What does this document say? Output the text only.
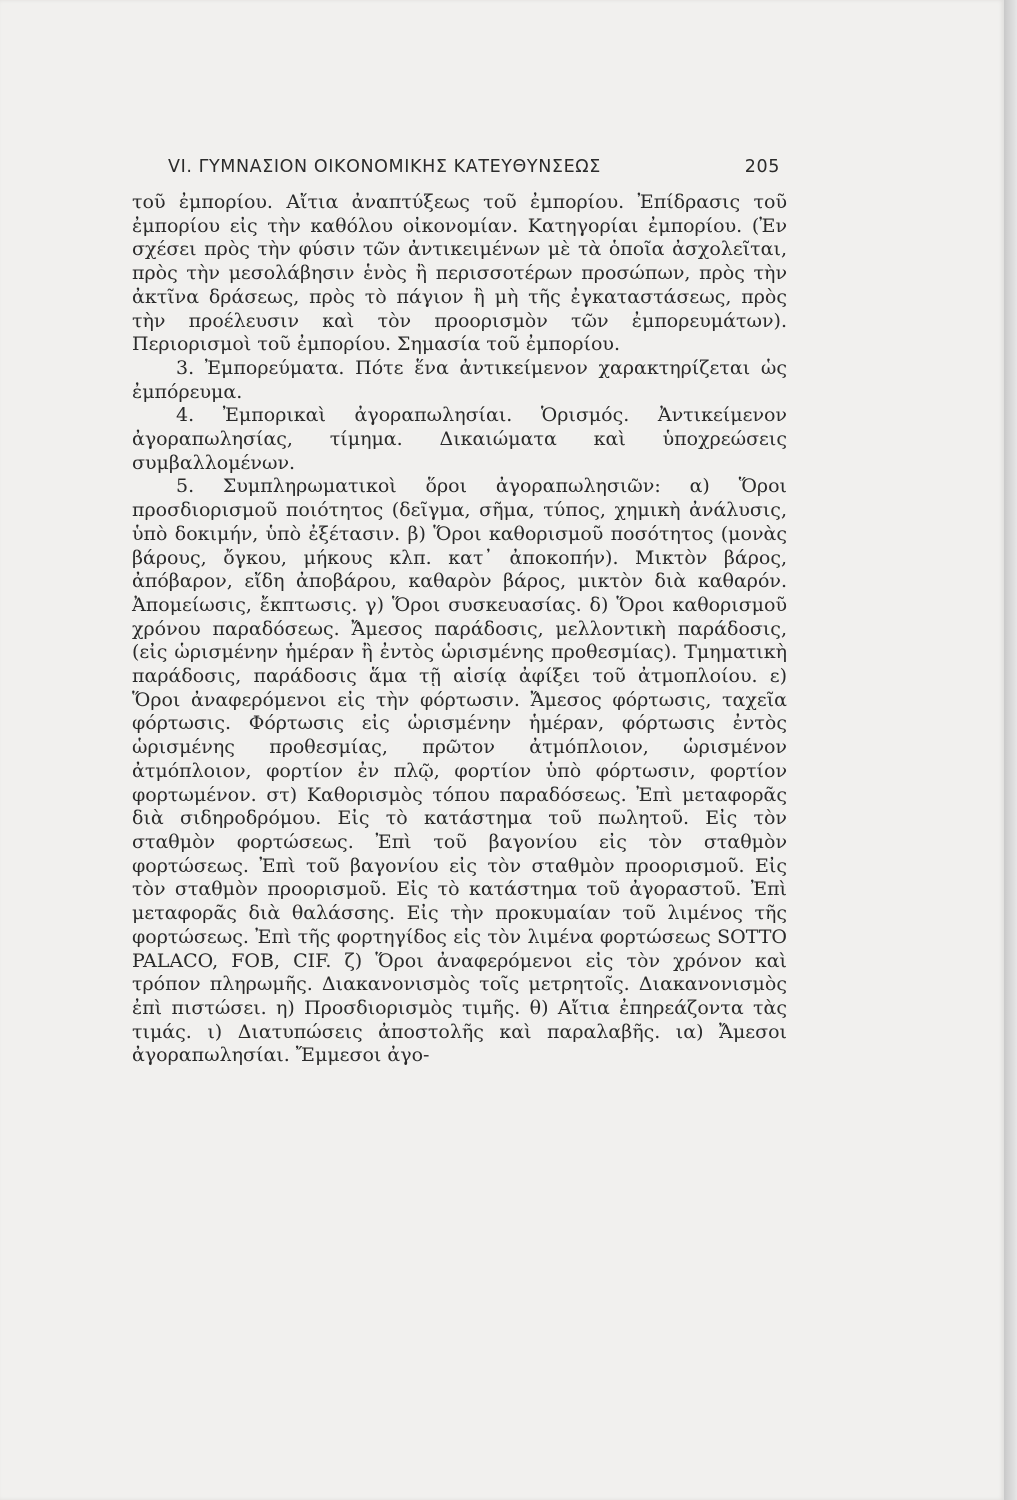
VI. ΓΥΜΝΑΣΙΟΝ ΟΙΚΟΝΟΜΙΚΗΣ ΚΑΤΕΥΘΥΝΣΕΩΣ	205

τοῦ ἐμπορίου. Αἴτια ἀναπτύξεως τοῦ ἐμπορίου. Ἐπίδρασις τοῦ ἐμπορίου εἰς τὴν καθόλου οἰκονομίαν. Κατηγορίαι ἐμπορίου. (Ἐν σχέσει πρὸς τὴν φύσιν τῶν ἀντικειμένων μὲ τὰ ὁποῖα ἀσχολεῖται, πρὸς τὴν μεσολάβησιν ἑνὸς ἢ περισσοτέρων προσώπων, πρὸς τὴν ἀκτῖνα δράσεως, πρὸς τὸ πάγιον ἢ μὴ τῆς ἐγκαταστάσεως, πρὸς τὴν προέλευσιν καὶ τὸν προορισμὸν τῶν ἐμπορευμάτων). Περιορισμοὶ τοῦ ἐμπορίου. Σημασία τοῦ ἐμπορίου.

3. Ἐμπορεύματα. Πότε ἕνα ἀντικείμενον χαρακτηρίζεται ὡς ἐμπόρευμα.

4. Ἐμπορικαὶ ἀγοραπωλησίαι. Ὁρισμός. Ἀντικείμενον ἀγοραπωλησίας, τίμημα. Δικαιώματα καὶ ὑποχρεώσεις συμβαλλομένων.

5. Συμπληρωματικοὶ ὅροι ἀγοραπωλησιῶν: α) Ὅροι προσδιορισμοῦ ποιότητος (δεῖγμα, σῆμα, τύπος, χημικὴ ἀνάλυσις, ὑπὸ δοκιμήν, ὑπὸ ἐξέτασιν. β) Ὅροι καθορισμοῦ ποσότητος (μονὰς βάρους, ὄγκου, μήκους κλπ. κατ᾽ ἀποκοπήν). Μικτὸν βάρος, ἀπόβαρον, εἴδη ἀποβάρου, καθαρὸν βάρος, μικτὸν διὰ καθαρόν. Ἀπομείωσις, ἔκπτωσις. γ) Ὅροι συσκευασίας. δ) Ὅροι καθορισμοῦ χρόνου παραδόσεως. Ἄμεσος παράδοσις, μελλοντικὴ παράδοσις, (εἰς ὡρισμένην ἡμέραν ἢ ἐντὸς ὡρισμένης προθεσμίας). Τμηματικὴ παράδοσις, παράδοσις ἅμα τῇ αἰσίᾳ ἀφίξει τοῦ ἀτμοπλοίου. ε) Ὅροι ἀναφερόμενοι εἰς τὴν φόρτωσιν. Ἄμεσος φόρτωσις, ταχεῖα φόρτωσις. Φόρτωσις εἰς ὡρισμένην ἡμέραν, φόρτωσις ἐντὸς ὡρισμένης προθεσμίας, πρῶτον ἀτμόπλοιον, ὡρισμένον ἀτμόπλοιον, φορτίον ἐν πλῷ, φορτίον ὑπὸ φόρτωσιν, φορτίον φορτωμένον. στ) Καθορισμὸς τόπου παραδόσεως. Ἐπὶ μεταφορᾶς διὰ σιδηροδρόμου. Εἰς τὸ κατάστημα τοῦ πωλητοῦ. Εἰς τὸν σταθμὸν φορτώσεως. Ἐπὶ τοῦ βαγονίου εἰς τὸν σταθμὸν φορτώσεως. Ἐπὶ τοῦ βαγονίου εἰς τὸν σταθμὸν προορισμοῦ. Εἰς τὸν σταθμὸν προορισμοῦ. Εἰς τὸ κατάστημα τοῦ ἀγοραστοῦ. Ἐπὶ μεταφορᾶς διὰ θαλάσσης. Εἰς τὴν προκυμαίαν τοῦ λιμένος τῆς φορτώσεως. Ἐπὶ τῆς φορτηγίδος εἰς τὸν λιμένα φορτώσεως SOTTO PALACO, FOB, CIF. ζ) Ὅροι ἀναφερόμενοι εἰς τὸν χρόνον καὶ τρόπον πληρωμῆς. Διακανονισμὸς τοῖς μετρητοῖς. Διακανονισμὸς ἐπὶ πιστώσει. η) Προσδιορισμὸς τιμῆς. θ) Αἴτια ἐπηρεάζοντα τὰς τιμάς. ι) Διατυπώσεις ἀποστολῆς καὶ παραλαβῆς. ια) Ἄμεσοι ἀγοραπωλησίαι. Ἔμμεσοι ἀγο-
